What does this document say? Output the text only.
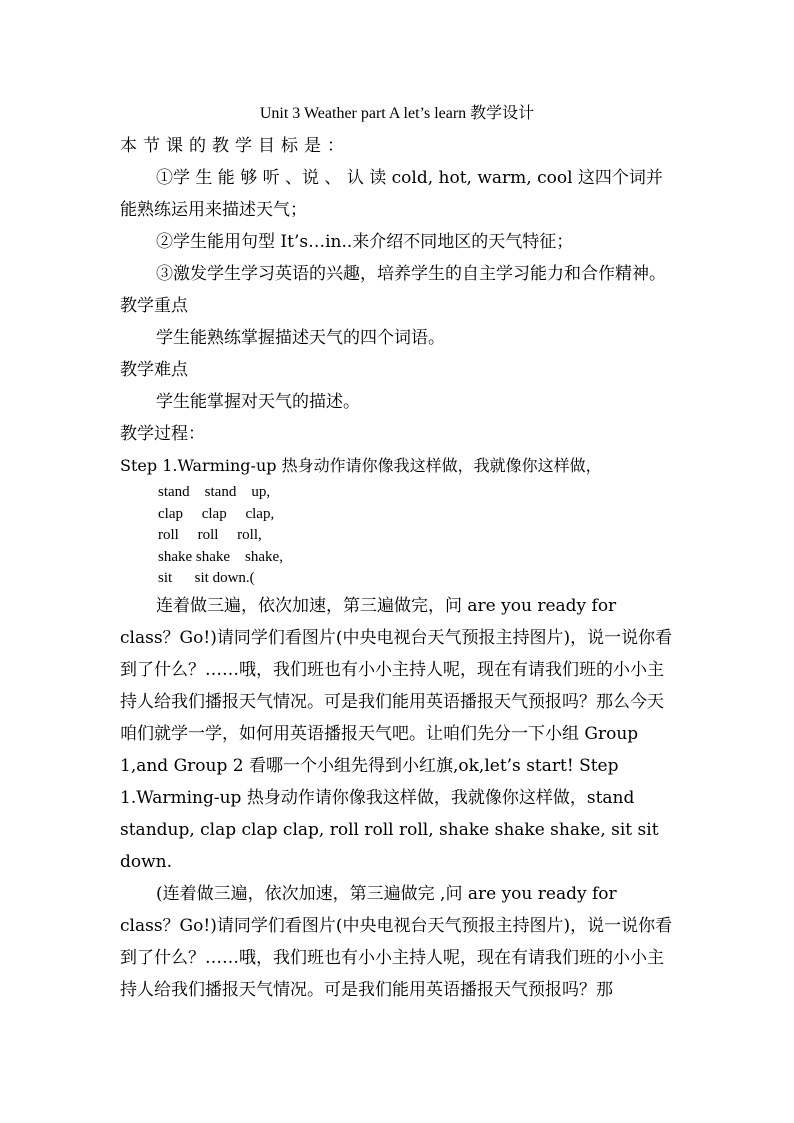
Unit 3 Weather part A let’s learn 教学设计

本节课的教学目标是：

①学 生 能 够 听 、说 、 认 读 cold, hot, warm, cool 这四个词并能熟练运用来描述天气；

②学生能用句型 It’s…in..来介绍不同地区的天气特征；

③激发学生学习英语的兴趣，培养学生的自主学习能力和合作精神。

教学重点

学生能熟练掌握描述天气的四个词语。

教学难点

学生能掌握对天气的描述。

教学过程：

Step 1.Warming-up 热身动作请你像我这样做，我就像你这样做，

stand    stand    up,
clap     clap     clap,
roll     roll     roll,
shake shake    shake,
sit      sit down.(

连着做三遍，依次加速，第三遍做完，问 are you ready for class？Go!)请同学们看图片(中央电视台天气预报主持图片)，说一说你看到了什么？……哦，我们班也有小小主持人呢，现在有请我们班的小小主持人给我们播报天气情况。可是我们能用英语播报天气预报吗？那么今天咱们就学一学，如何用英语播报天气吧。让咱们先分一下小组 Group 1,and Group 2 看哪一个小组先得到小红旗,ok,let’s start! Step 1.Warming-up 热身动作请你像我这样做，我就像你这样做，stand standup, clap clap clap, roll roll roll, shake shake shake, sit sit down.

(连着做三遍，依次加速，第三遍做完 ,问 are you ready for class？Go!)请同学们看图片(中央电视台天气预报主持图片)，说一说你看到了什么？……哦，我们班也有小小主持人呢，现在有请我们班的小小主持人给我们播报天气情况。可是我们能用英语播报天气预报吗？那
